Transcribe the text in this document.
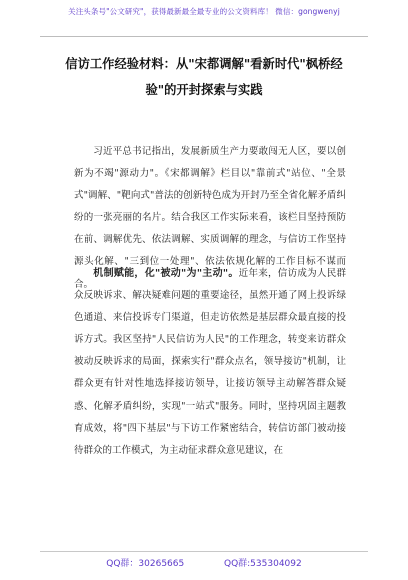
关注头条号"公文研究"，获得最新最全最专业的公文资料库！ 微信：gongwenyj
信访工作经验材料：从"宋都调解"看新时代"枫桥经
验"的开封探索与实践
习近平总书记指出，发展新质生产力要敢闯无人区，要以创新为不竭"源动力"。《宋都调解》栏目以"靠前式"站位、"全景式"调解、"靶向式"普法的创新特色成为开封乃至全省化解矛盾纠纷的一张亮丽的名片。结合我区工作实际来看，该栏目坚持预防在前、调解优先、依法调解、实质调解的理念，与信访工作坚持源头化解、"三到位一处理"、依法依规化解的工作目标不谋而合。
机制赋能，化"被动"为"主动"。近年来，信访成为人民群众反映诉求、解决疑难问题的重要途径，虽然开通了网上投诉绿色通道、来信投诉专门渠道，但走访依然是基层群众最直接的投诉方式。我区坚持"人民信访为人民"的工作理念，转变来访群众被动反映诉求的局面，探索实行"群众点名，领导接访"机制，让群众更有针对性地选择接访领导，让接访领导主动解答群众疑惑、化解矛盾纠纷，实现"一站式"服务。同时，坚持巩固主题教育成效，将"四下基层"与下访工作紧密结合，转信访部门被动接待群众的工作模式，为主动征求群众意见建议，在
QQ群：30265665	QQ群:535304092
